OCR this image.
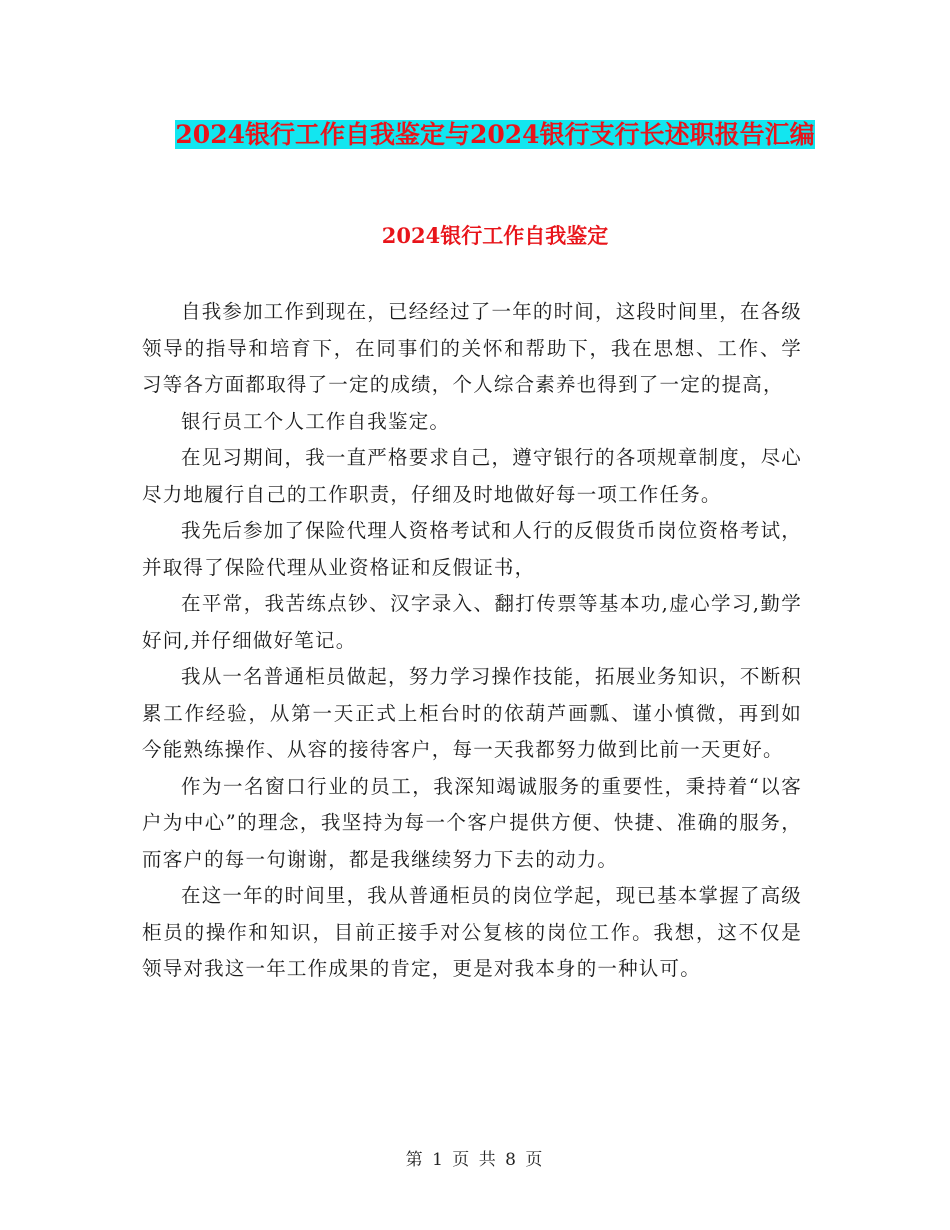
2024银行工作自我鉴定与2024银行支行长述职报告汇编
2024银行工作自我鉴定

自我参加工作到现在，已经经过了一年的时间，这段时间里，在各级领导的指导和培育下，在同事们的关怀和帮助下，我在思想、工作、学习等各方面都取得了一定的成绩，个人综合素养也得到了一定的提高，

银行员工个人工作自我鉴定。

在见习期间，我一直严格要求自己，遵守银行的各项规章制度，尽心尽力地履行自己的工作职责，仔细及时地做好每一项工作任务。

我先后参加了保险代理人资格考试和人行的反假货币岗位资格考试，并取得了保险代理从业资格证和反假证书，

在平常，我苦练点钞、汉字录入、翻打传票等基本功,虚心学习,勤学好问,并仔细做好笔记。

我从一名普通柜员做起，努力学习操作技能，拓展业务知识，不断积累工作经验，从第一天正式上柜台时的依葫芦画瓢、谨小慎微，再到如今能熟练操作、从容的接待客户，每一天我都努力做到比前一天更好。

作为一名窗口行业的员工，我深知竭诚服务的重要性，秉持着“以客户为中心”的理念，我坚持为每一个客户提供方便、快捷、准确的服务，而客户的每一句谢谢，都是我继续努力下去的动力。

在这一年的时间里，我从普通柜员的岗位学起，现已基本掌握了高级柜员的操作和知识，目前正接手对公复核的岗位工作。我想，这不仅是领导对我这一年工作成果的肯定，更是对我本身的一种认可。

第 1 页 共 8 页
